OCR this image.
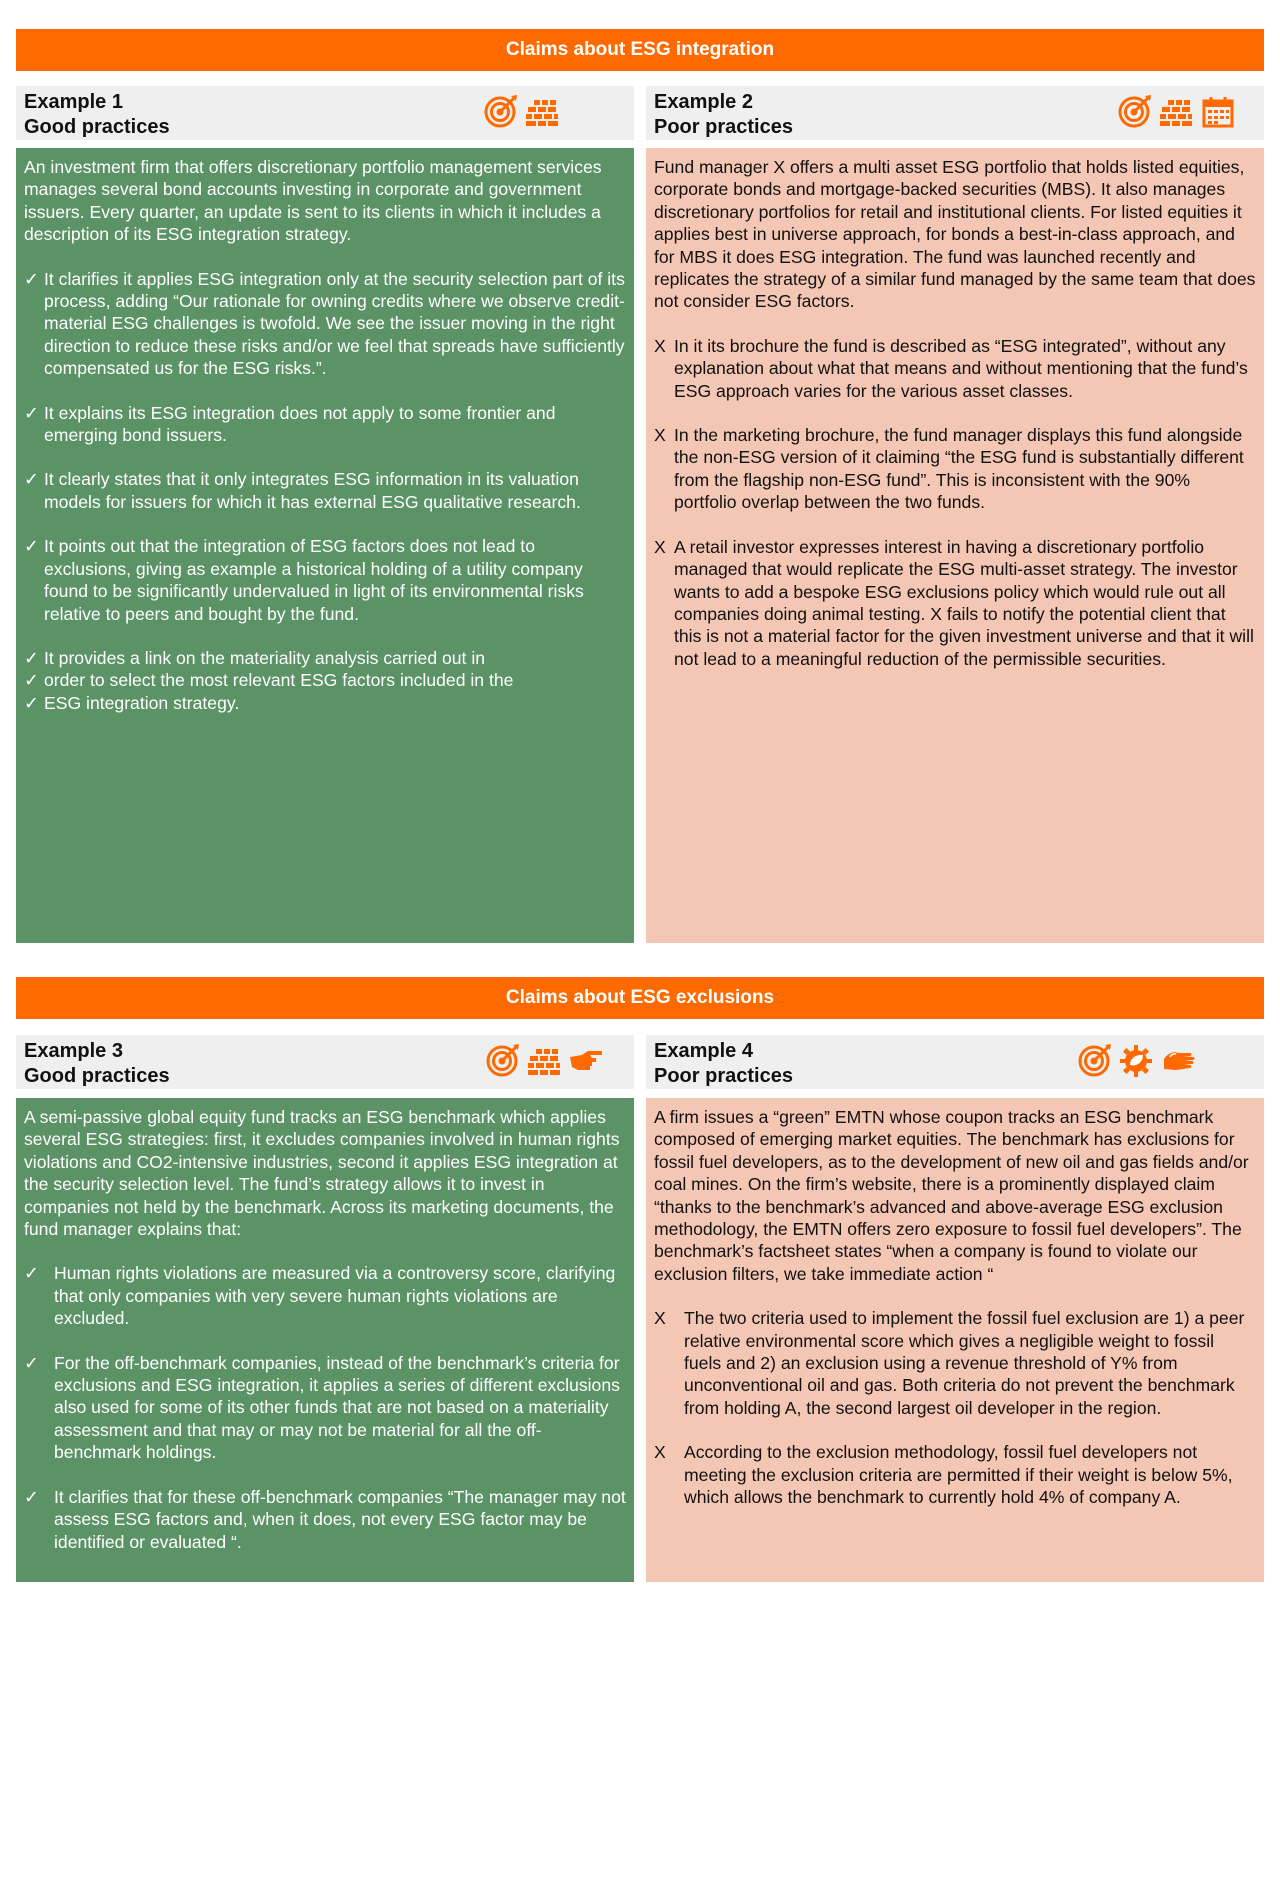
Claims about ESG integration
Example 1
Good practices
Example 2
Poor practices

An investment firm that offers discretionary portfolio management services manages several bond accounts investing in corporate and government issuers. Every quarter, an update is sent to its clients in which it includes a description of its ESG integration strategy.

✓ It clarifies it applies ESG integration only at the security selection part of its process, adding “Our rationale for owning credits where we observe credit-material ESG challenges is twofold. We see the issuer moving in the right direction to reduce these risks and/or we feel that spreads have sufficiently compensated us for the ESG risks.”.
✓ It explains its ESG integration does not apply to some frontier and emerging bond issuers.
✓ It clearly states that it only integrates ESG information in its valuation models for issuers for which it has external ESG qualitative research.
✓ It points out that the integration of ESG factors does not lead to exclusions, giving as example a historical holding of a utility company found to be significantly undervalued in light of its environmental risks relative to peers and bought by the fund.
✓ It provides a link on the materiality analysis carried out in
✓ order to select the most relevant ESG factors included in the
✓ ESG integration strategy.

Fund manager X offers a multi asset ESG portfolio that holds listed equities, corporate bonds and mortgage-backed securities (MBS). It also manages discretionary portfolios for retail and institutional clients. For listed equities it applies best in universe approach, for bonds a best-in-class approach, and for MBS it does ESG integration. The fund was launched recently and replicates the strategy of a similar fund managed by the same team that does not consider ESG factors.

X In it its brochure the fund is described as “ESG integrated”, without any explanation about what that means and without mentioning that the fund’s ESG approach varies for the various asset classes.
X In the marketing brochure, the fund manager displays this fund alongside the non-ESG version of it claiming “the ESG fund is substantially different from the flagship non-ESG fund”. This is inconsistent with the 90% portfolio overlap between the two funds.
X A retail investor expresses interest in having a discretionary portfolio managed that would replicate the ESG multi-asset strategy. The investor wants to add a bespoke ESG exclusions policy which would rule out all companies doing animal testing. X fails to notify the potential client that this is not a material factor for the given investment universe and that it will not lead to a meaningful reduction of the permissible securities.
Claims about ESG exclusions
Example 3
Good practices
Example 4
Poor practices

A semi-passive global equity fund tracks an ESG benchmark which applies several ESG strategies: first, it excludes companies involved in human rights violations and CO2-intensive industries, second it applies ESG integration at the security selection level. The fund’s strategy allows it to invest in companies not held by the benchmark. Across its marketing documents, the fund manager explains that:

✓ Human rights violations are measured via a controversy score, clarifying that only companies with very severe human rights violations are excluded.
✓ For the off-benchmark companies, instead of the benchmark’s criteria for exclusions and ESG integration, it applies a series of different exclusions also used for some of its other funds that are not based on a materiality assessment and that may or may not be material for all the off-benchmark holdings.
✓ It clarifies that for these off-benchmark companies “The manager may not assess ESG factors and, when it does, not every ESG factor may be identified or evaluated “.

A firm issues a “green” EMTN whose coupon tracks an ESG benchmark composed of emerging market equities. The benchmark has exclusions for fossil fuel developers, as to the development of new oil and gas fields and/or coal mines. On the firm’s website, there is a prominently displayed claim “thanks to the benchmark’s advanced and above-average ESG exclusion methodology, the EMTN offers zero exposure to fossil fuel developers”. The benchmark’s factsheet states “when a company is found to violate our exclusion filters, we take immediate action “

X The two criteria used to implement the fossil fuel exclusion are 1) a peer relative environmental score which gives a negligible weight to fossil fuels and 2) an exclusion using a revenue threshold of Y% from unconventional oil and gas. Both criteria do not prevent the benchmark from holding A, the second largest oil developer in the region.
X According to the exclusion methodology, fossil fuel developers not meeting the exclusion criteria are permitted if their weight is below 5%, which allows the benchmark to currently hold 4% of company A.
